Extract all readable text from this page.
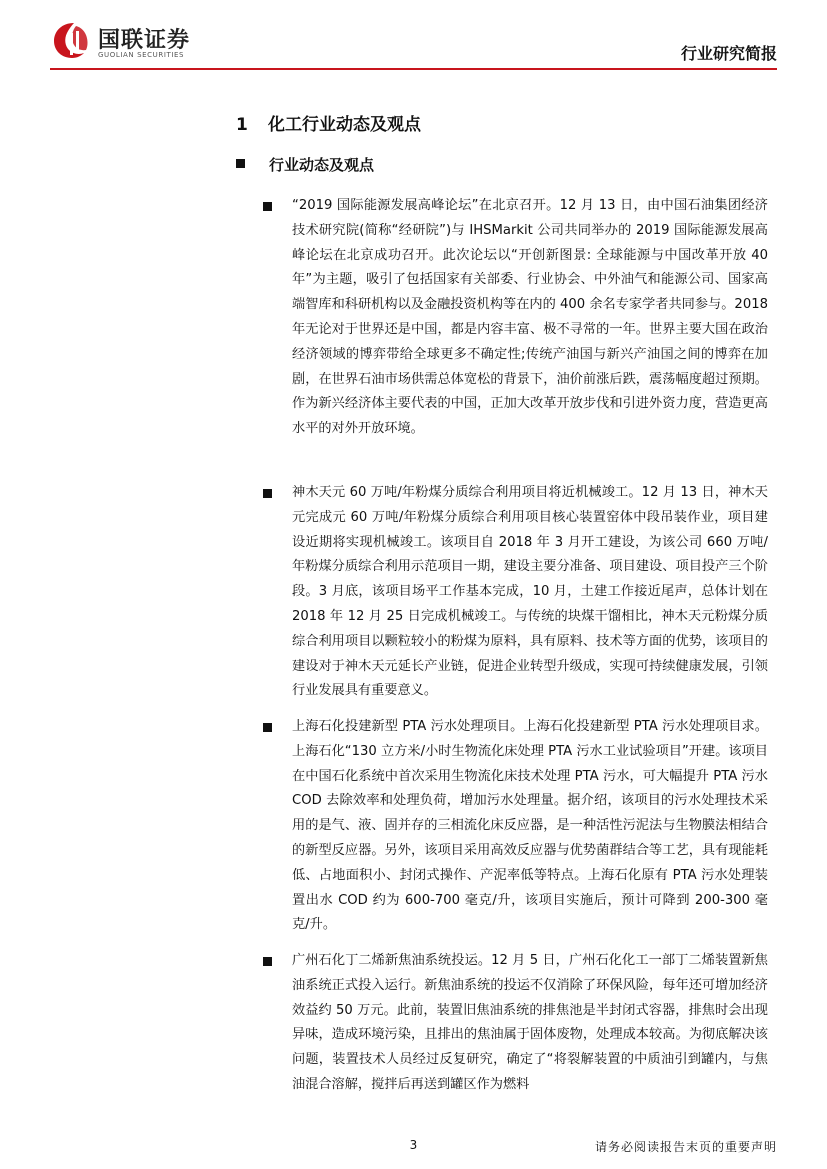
国联证券
GUOLIAN SECURITIES	行业研究简报
1 化工行业动态及观点
行业动态及观点
“2019 国际能源发展高峰论坛”在北京召开。12 月 13 日，由中国石油集团经济技术研究院(简称“经研院”)与 IHSMarkit 公司共同举办的 2019 国际能源发展高峰论坛在北京成功召开。此次论坛以“开创新图景: 全球能源与中国改革开放 40 年”为主题，吸引了包括国家有关部委、行业协会、中外油气和能源公司、国家高端智库和科研机构以及金融投资机构等在内的 400 余名专家学者共同参与。2018 年无论对于世界还是中国，都是内容丰富、极不寻常的一年。世界主要大国在政治经济领域的博弈带给全球更多不确定性;传统产油国与新兴产油国之间的博弈在加剧，在世界石油市场供需总体宽松的背景下，油价前涨后跌，震荡幅度超过预期。作为新兴经济体主要代表的中国，正加大改革开放步伐和引进外资力度，营造更高水平的对外开放环境。
神木天元 60 万吨/年粉煤分质综合利用项目将近机械竣工。12 月 13 日，神木天元完成元 60 万吨/年粉煤分质综合利用项目核心装置窑体中段吊装作业，项目建设近期将实现机械竣工。该项目自 2018 年 3 月开工建设，为该公司 660 万吨/年粉煤分质综合利用示范项目一期，建设主要分准备、项目建设、项目投产三个阶段。3 月底，该项目场平工作基本完成，10 月，土建工作接近尾声，总体计划在 2018 年 12 月 25 日完成机械竣工。与传统的块煤干馏相比，神木天元粉煤分质综合利用项目以颗粒较小的粉煤为原料，具有原料、技术等方面的优势，该项目的建设对于神木天元延长产业链，促进企业转型升级成，实现可持续健康发展，引领行业发展具有重要意义。
上海石化投建新型 PTA 污水处理项目。上海石化投建新型 PTA 污水处理项目求。上海石化“130 立方米/小时生物流化床处理 PTA 污水工业试验项目”开建。该项目在中国石化系统中首次采用生物流化床技术处理 PTA 污水，可大幅提升 PTA 污水 COD 去除效率和处理负荷，增加污水处理量。据介绍，该项目的污水处理技术采用的是气、液、固并存的三相流化床反应器，是一种活性污泥法与生物膜法相结合的新型反应器。另外，该项目采用高效反应器与优势菌群结合等工艺，具有现能耗低、占地面积小、封闭式操作、产泥率低等特点。上海石化原有 PTA 污水处理装置出水 COD 约为 600-700 毫克/升，该项目实施后，预计可降到 200-300 毫克/升。
广州石化丁二烯新焦油系统投运。12 月 5 日，广州石化化工一部丁二烯装置新焦油系统正式投入运行。新焦油系统的投运不仅消除了环保风险，每年还可增加经济效益约 50 万元。此前，装置旧焦油系统的排焦池是半封闭式容器，排焦时会出现异味，造成环境污染，且排出的焦油属于固体废物，处理成本较高。为彻底解决该问题，装置技术人员经过反复研究，确定了“将裂解装置的中质油引到罐内，与焦油混合溶解，搅拌后再送到罐区作为燃料
3	请务必阅读报告末页的重要声明
